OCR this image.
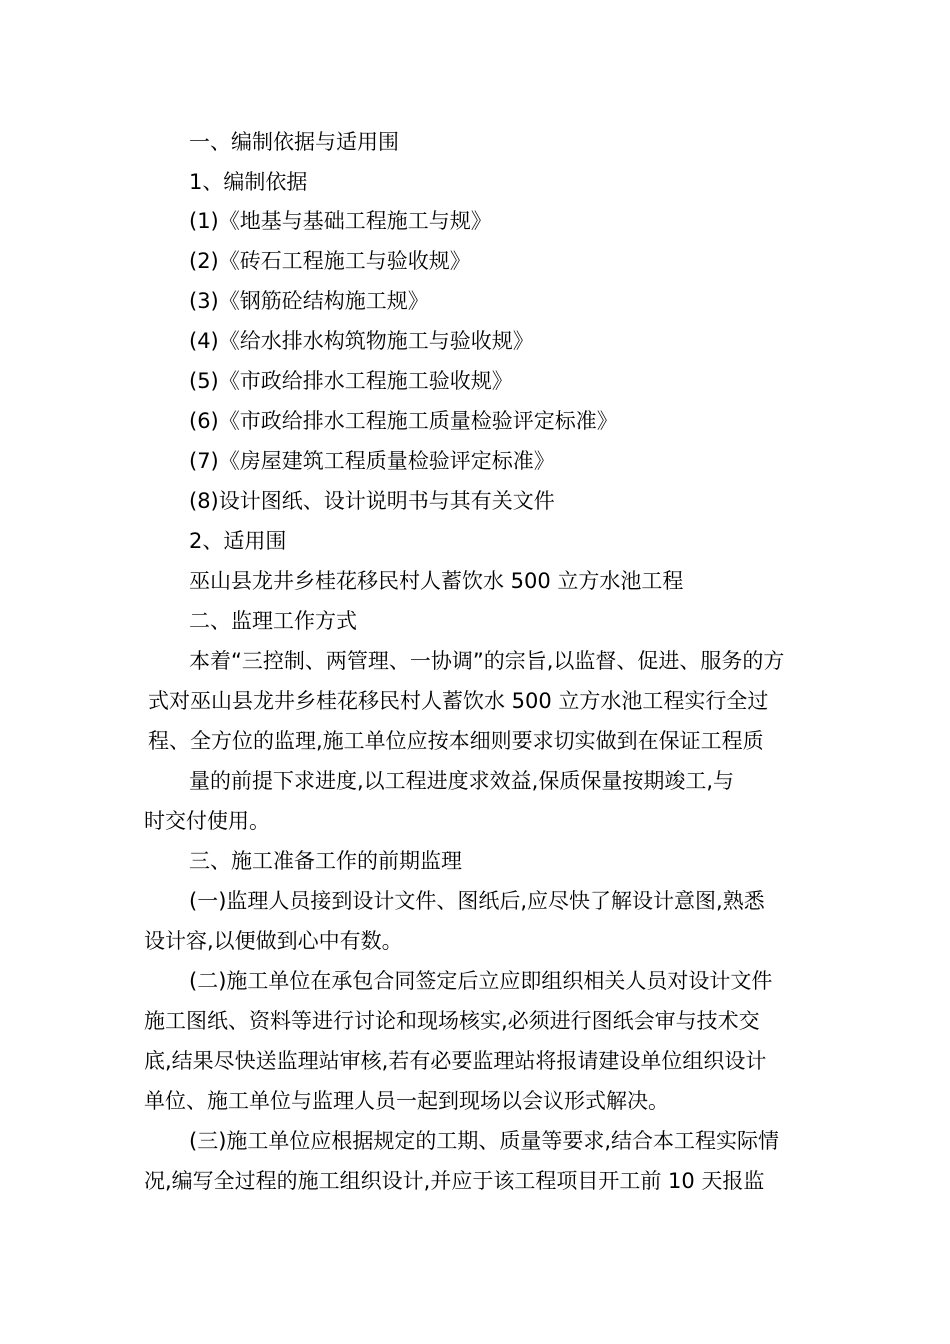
一、编制依据与适用围
1、编制依据
(1)《地基与基础工程施工与规》
(2)《砖石工程施工与验收规》
(3)《钢筋砼结构施工规》
(4)《给水排水构筑物施工与验收规》
(5)《市政给排水工程施工验收规》
(6)《市政给排水工程施工质量检验评定标准》
(7)《房屋建筑工程质量检验评定标准》
(8)设计图纸、设计说明书与其有关文件
2、适用围
巫山县龙井乡桂花移民村人蓄饮水 500 立方水池工程
二、监理工作方式
本着“三控制、两管理、一协调”的宗旨,以监督、促进、服务的方
式对巫山县龙井乡桂花移民村人蓄饮水 500 立方水池工程实行全过
程、全方位的监理,施工单位应按本细则要求切实做到在保证工程质
量的前提下求进度,以工程进度求效益,保质保量按期竣工,与
时交付使用。
三、施工准备工作的前期监理
(一)监理人员接到设计文件、图纸后,应尽快了解设计意图,熟悉
设计容,以便做到心中有数。
(二)施工单位在承包合同签定后立应即组织相关人员对设计文件
施工图纸、资料等进行讨论和现场核实,必须进行图纸会审与技术交
底,结果尽快送监理站审核,若有必要监理站将报请建设单位组织设计
单位、施工单位与监理人员一起到现场以会议形式解决。
(三)施工单位应根据规定的工期、质量等要求,结合本工程实际情
况,编写全过程的施工组织设计,并应于该工程项目开工前 10 天报监
